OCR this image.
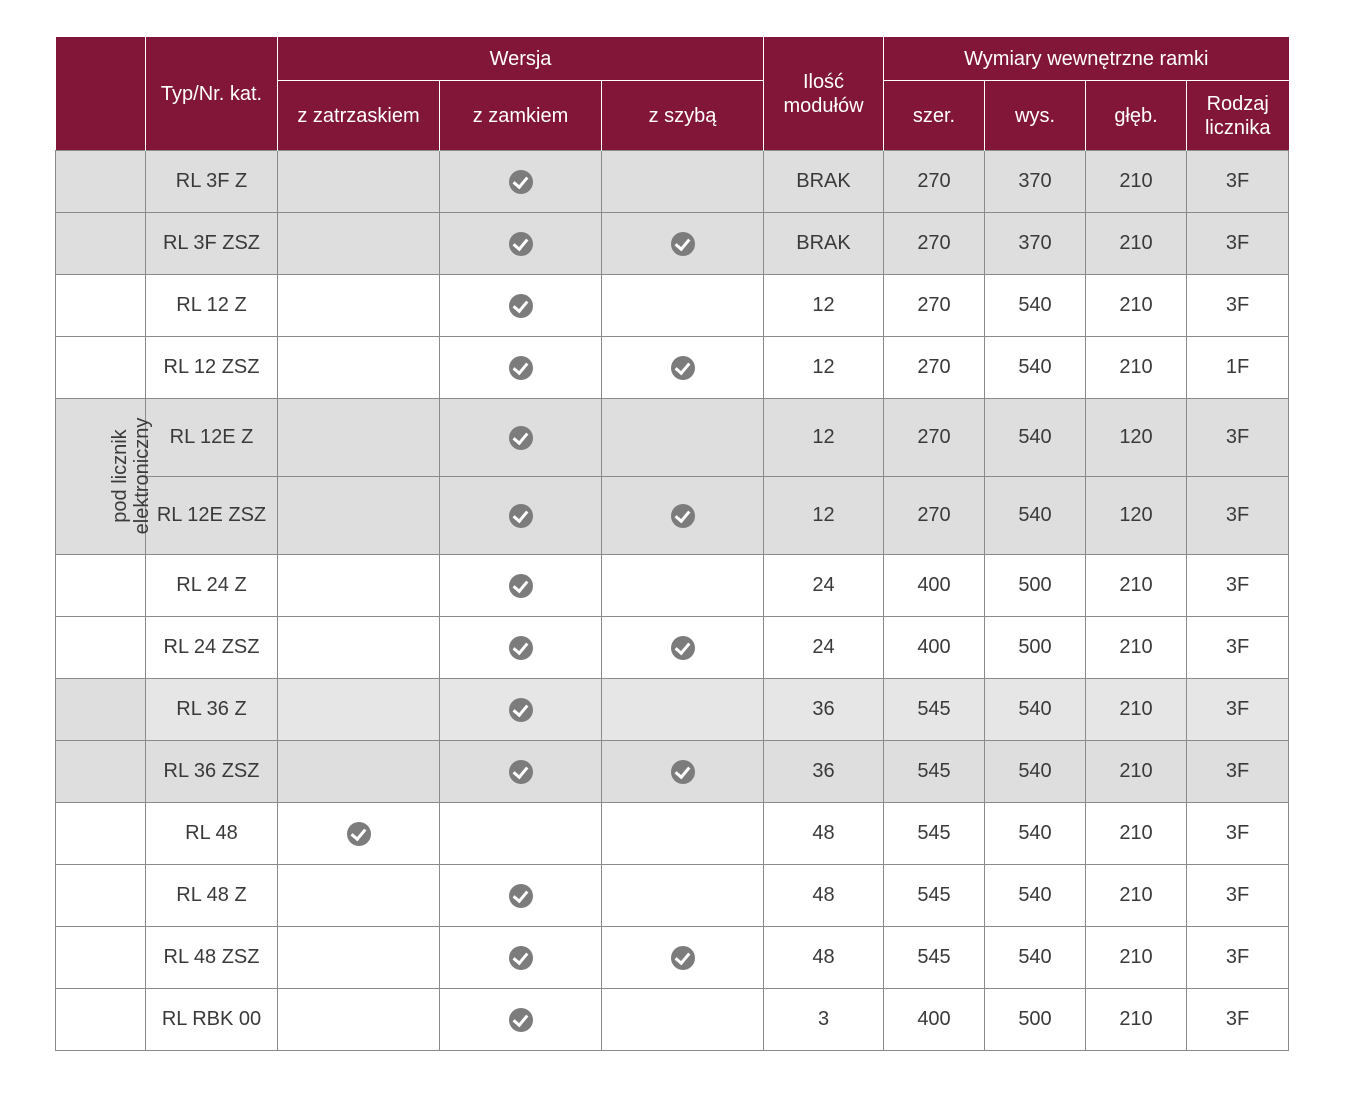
	Typ/Nr. kat.	Wersja			Ilość modułów	Wymiary wewnętrzne ramki			
		z zatrzaskiem	z zamkiem	z szybą		szer.	wys.	głęb.	Rodzaj licznika
	RL 3F Z				BRAK	270	370	210	3F
	RL 3F ZSZ				BRAK	270	370	210	3F
	RL 12 Z				12	270	540	210	3F
	RL 12 ZSZ				12	270	540	210	1F
pod licznik elektroniczny	RL 12E Z				12	270	540	120	3F
	RL 12E ZSZ				12	270	540	120	3F
	RL 24 Z				24	400	500	210	3F
	RL 24 ZSZ				24	400	500	210	3F
	RL 36 Z				36	545	540	210	3F
	RL 36 ZSZ				36	545	540	210	3F
	RL 48				48	545	540	210	3F
	RL 48 Z				48	545	540	210	3F
	RL 48 ZSZ				48	545	540	210	3F
	RL RBK 00				3	400	500	210	3F
